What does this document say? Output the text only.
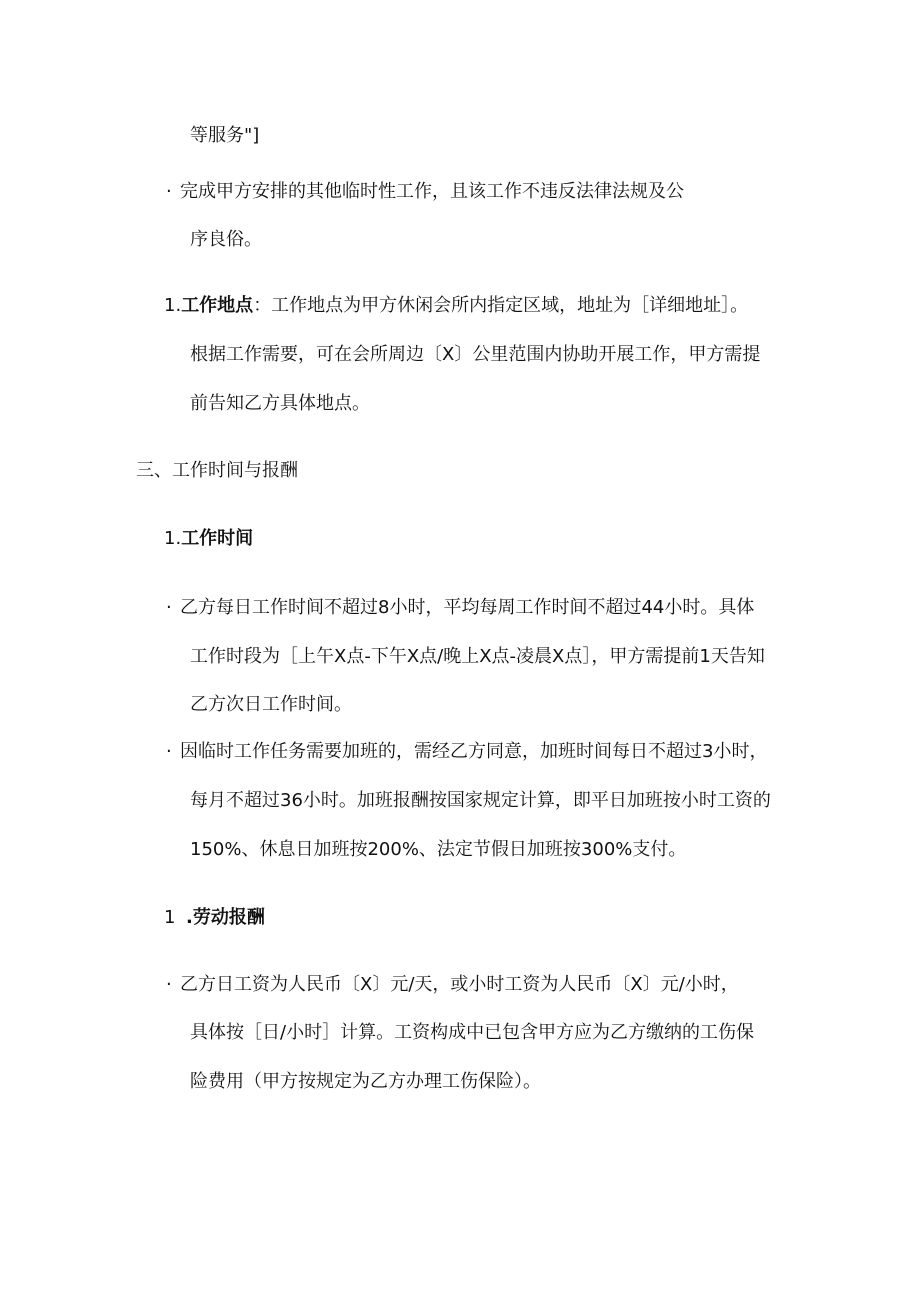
等服务"]
· 完成甲方安排的其他临时性工作，且该工作不违反法律法规及公
序良俗。
1.工作地点：工作地点为甲方休闲会所内指定区域，地址为［详细地址］。
根据工作需要，可在会所周边〔X〕公里范围内协助开展工作，甲方需提
前告知乙方具体地点。
三、工作时间与报酬
1.工作时间
· 乙方每日工作时间不超过8小时，平均每周工作时间不超过44小时。具体
工作时段为［上午X点-下午X点/晚上X点-凌晨X点］，甲方需提前1天告知
乙方次日工作时间。
· 因临时工作任务需要加班的，需经乙方同意，加班时间每日不超过3小时，
每月不超过36小时。加班报酬按国家规定计算，即平日加班按小时工资的
150%、休息日加班按200%、法定节假日加班按300%支付。
1 .劳动报酬
· 乙方日工资为人民币〔X〕元/天，或小时工资为人民币〔X〕元/小时，
具体按［日/小时］计算。工资构成中已包含甲方应为乙方缴纳的工伤保
险费用（甲方按规定为乙方办理工伤保险）。
